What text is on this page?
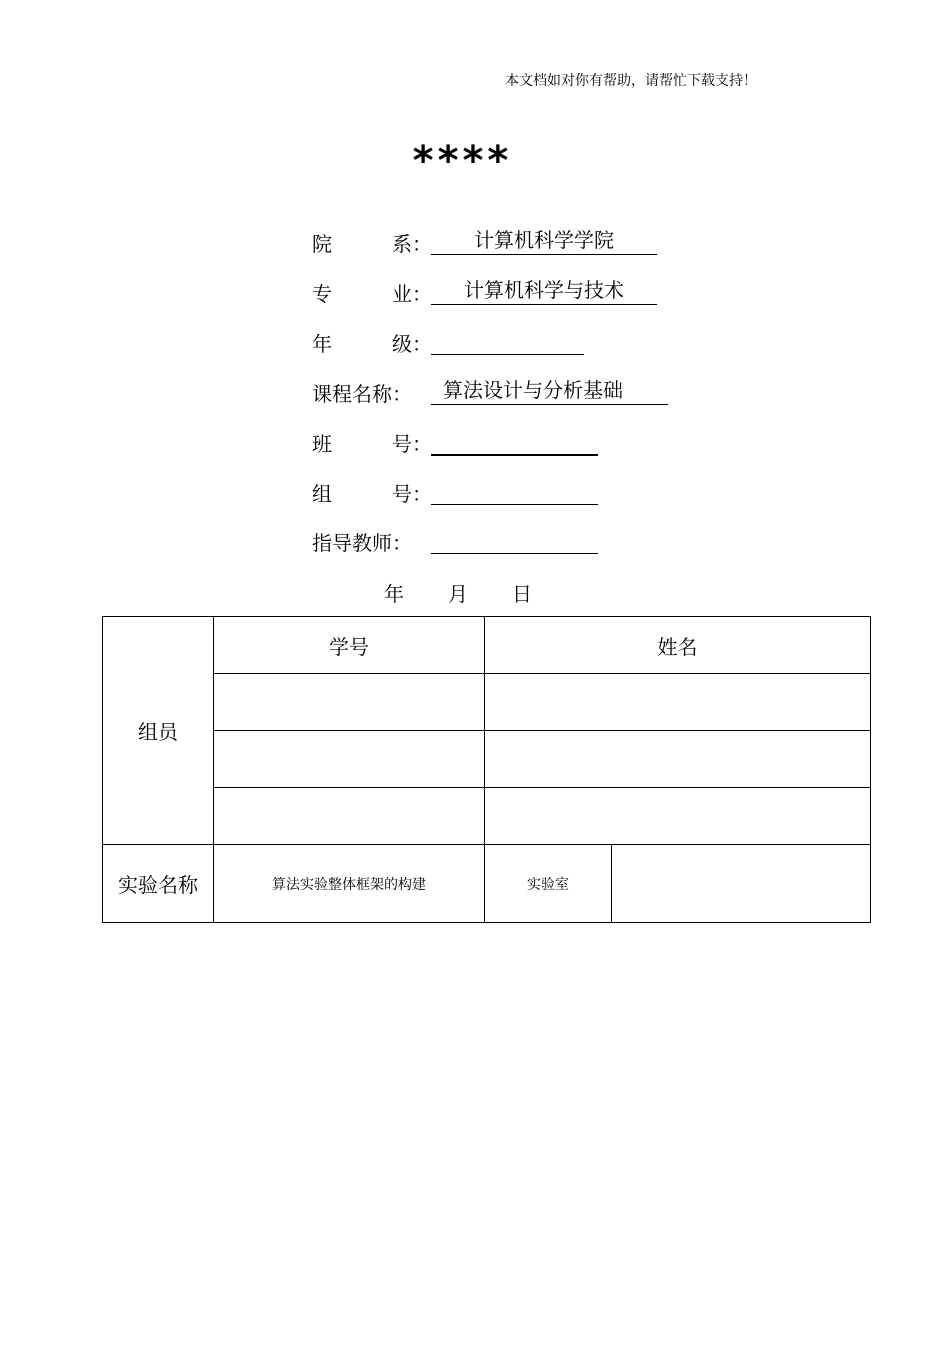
本文档如对你有帮助，请帮忙下载支持！
****
院	系：	计算机科学学院
专	业：	计算机科学与技术
年	级：
课程名称：	算法设计与分析基础
班	号：
组	号：
指导教师：
年	月	日
组员	学号	姓名	

实验名称	算法实验整体框架的构建	实验室	
